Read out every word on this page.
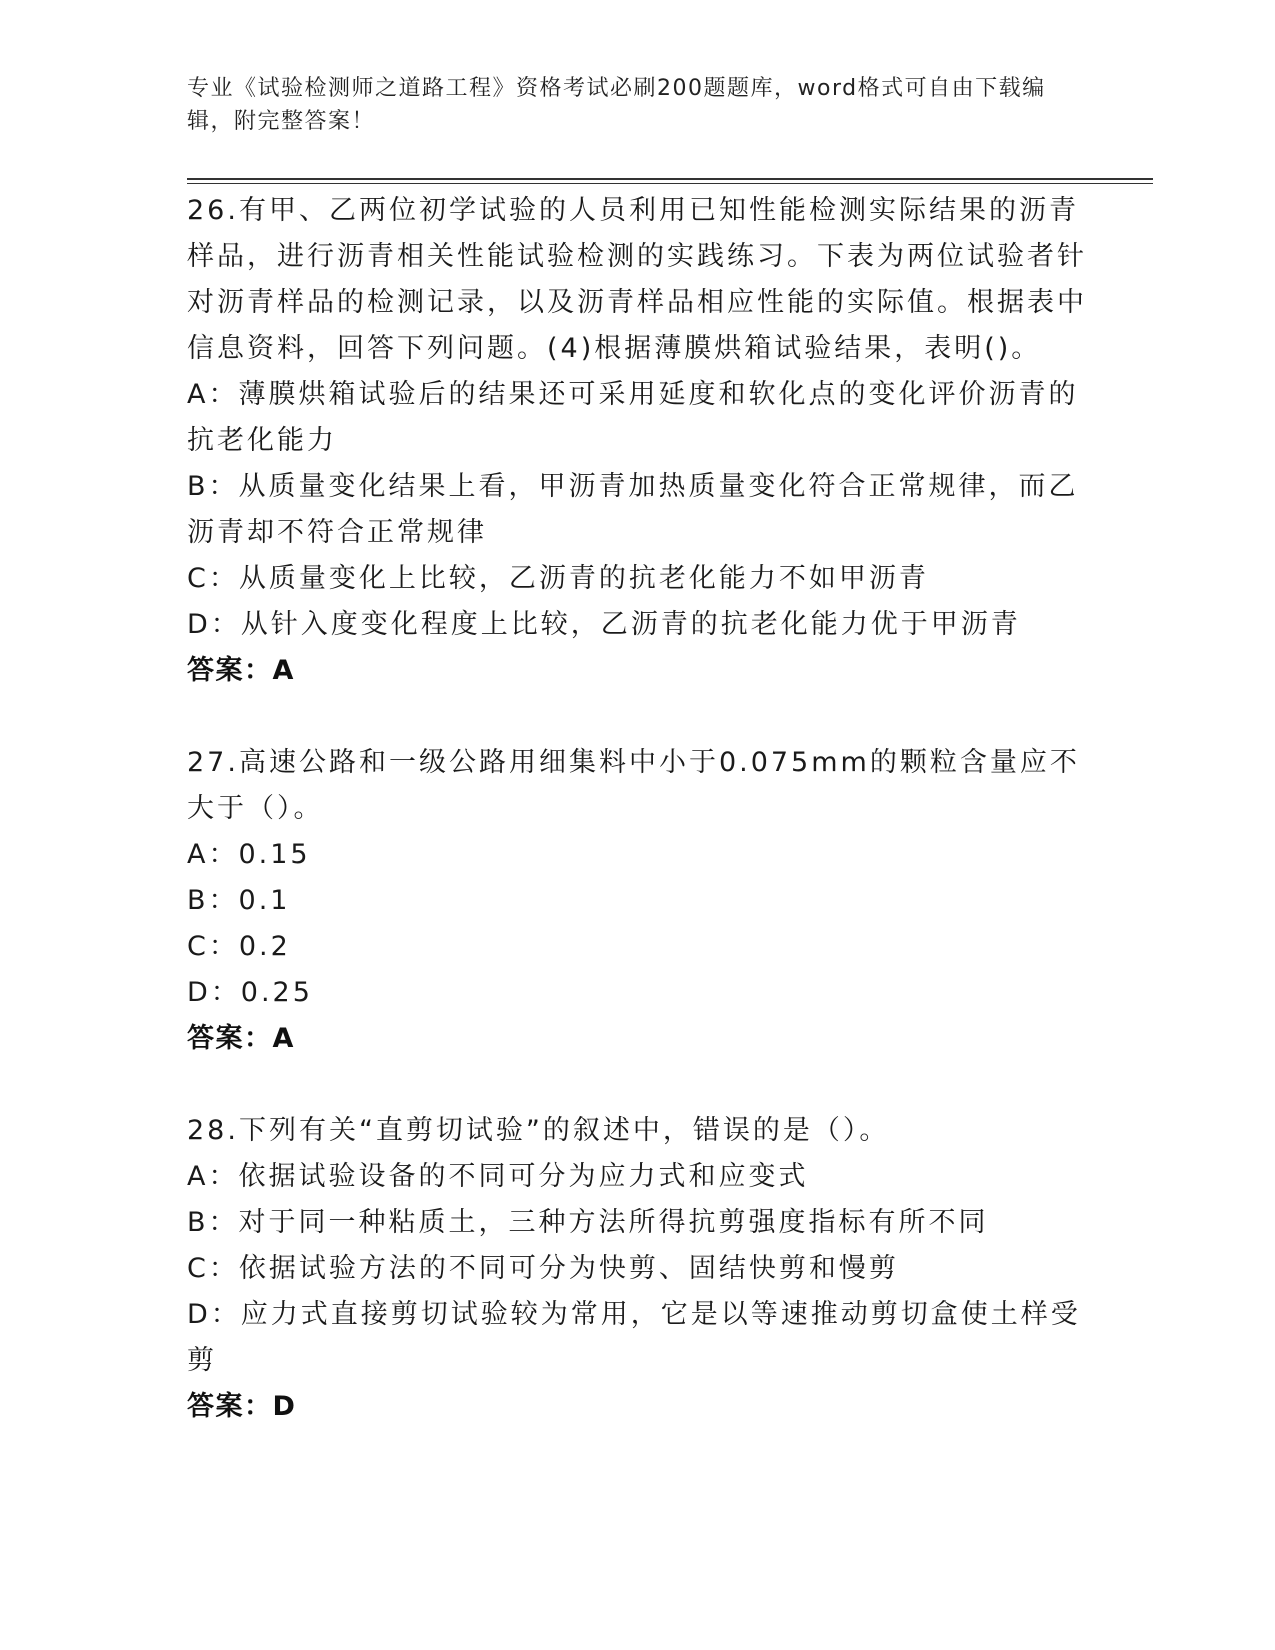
专业《试验检测师之道路工程》资格考试必刷200题题库，word格式可自由下载编辑，附完整答案！

26.有甲、乙两位初学试验的人员利用已知性能检测实际结果的沥青样品，进行沥青相关性能试验检测的实践练习。下表为两位试验者针对沥青样品的检测记录，以及沥青样品相应性能的实际值。根据表中信息资料，回答下列问题。(4)根据薄膜烘箱试验结果，表明()。

A：薄膜烘箱试验后的结果还可采用延度和软化点的变化评价沥青的抗老化能力

B：从质量变化结果上看，甲沥青加热质量变化符合正常规律，而乙沥青却不符合正常规律

C：从质量变化上比较，乙沥青的抗老化能力不如甲沥青

D：从针入度变化程度上比较，乙沥青的抗老化能力优于甲沥青

答案：A

27.高速公路和一级公路用细集料中小于0.075mm的颗粒含量应不大于（）。

A：0.15

B：0.1

C：0.2

D：0.25

答案：A

28.下列有关“直剪切试验”的叙述中，错误的是（）。

A：依据试验设备的不同可分为应力式和应变式

B：对于同一种粘质土，三种方法所得抗剪强度指标有所不同

C：依据试验方法的不同可分为快剪、固结快剪和慢剪

D：应力式直接剪切试验较为常用，它是以等速推动剪切盒使土样受剪

答案：D
